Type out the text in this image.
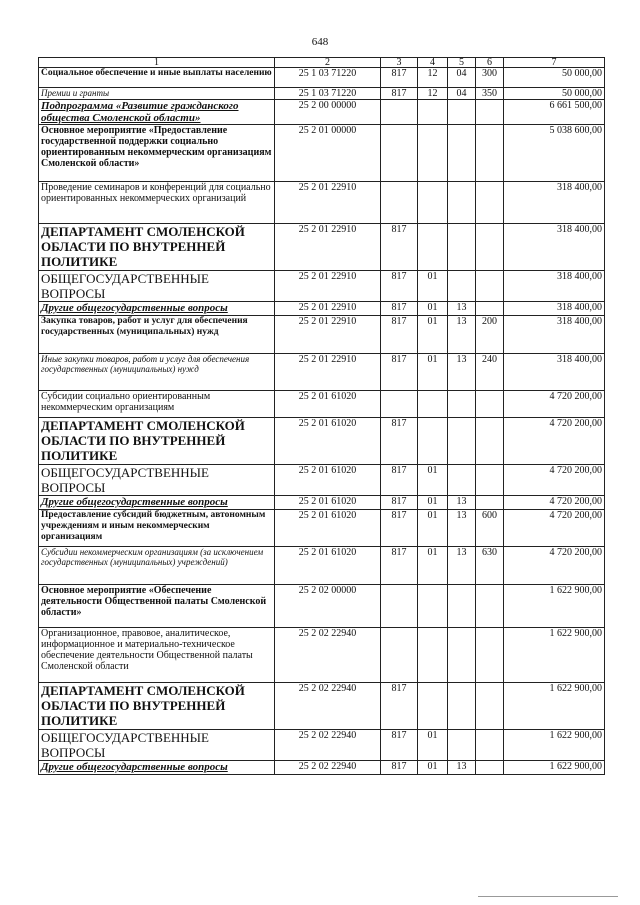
648
1	2	3	4	5	6	7
Социальное обеспечение и иные выплаты населению	25 1 03 71220	817	12	04	300	50 000,00
Премии и гранты	25 1 03 71220	817	12	04	350	50 000,00
Подпрограмма «Развитие гражданского общества Смоленской области»	25 2 00 00000					6 661 500,00
Основное мероприятие «Предоставление государственной поддержки социально ориентированным некоммерческим организациям Смоленской области»	25 2 01 00000					5 038 600,00
Проведение семинаров и конференций для социально ориентированных некоммерческих организаций	25 2 01 22910					318 400,00
ДЕПАРТАМЕНТ СМОЛЕНСКОЙ ОБЛАСТИ ПО ВНУТРЕННЕЙ ПОЛИТИКЕ	25 2 01 22910	817				318 400,00
ОБЩЕГОСУДАРСТВЕННЫЕ ВОПРОСЫ	25 2 01 22910	817	01			318 400,00
Другие общегосударственные вопросы	25 2 01 22910	817	01	13		318 400,00
Закупка товаров, работ и услуг для обеспечения государственных (муниципальных) нужд	25 2 01 22910	817	01	13	200	318 400,00
Иные закупки товаров, работ и услуг для обеспечения государственных (муниципальных) нужд	25 2 01 22910	817	01	13	240	318 400,00
Субсидии социально ориентированным некоммерческим организациям	25 2 01 61020					4 720 200,00
ДЕПАРТАМЕНТ СМОЛЕНСКОЙ ОБЛАСТИ ПО ВНУТРЕННЕЙ ПОЛИТИКЕ	25 2 01 61020	817				4 720 200,00
ОБЩЕГОСУДАРСТВЕННЫЕ ВОПРОСЫ	25 2 01 61020	817	01			4 720 200,00
Другие общегосударственные вопросы	25 2 01 61020	817	01	13		4 720 200,00
Предоставление субсидий бюджетным, автономным учреждениям и иным некоммерческим организациям	25 2 01 61020	817	01	13	600	4 720 200,00
Субсидии некоммерческим организациям (за исключением государственных (муниципальных) учреждений)	25 2 01 61020	817	01	13	630	4 720 200,00
Основное мероприятие «Обеспечение деятельности Общественной палаты Смоленской области»	25 2 02 00000					1 622 900,00
Организационное, правовое, аналитическое, информационное и материально-техническое обеспечение деятельности Общественной палаты Смоленской области	25 2 02 22940					1 622 900,00
ДЕПАРТАМЕНТ СМОЛЕНСКОЙ ОБЛАСТИ ПО ВНУТРЕННЕЙ ПОЛИТИКЕ	25 2 02 22940	817				1 622 900,00
ОБЩЕГОСУДАРСТВЕННЫЕ ВОПРОСЫ	25 2 02 22940	817	01			1 622 900,00
Другие общегосударственные вопросы	25 2 02 22940	817	01	13		1 622 900,00
